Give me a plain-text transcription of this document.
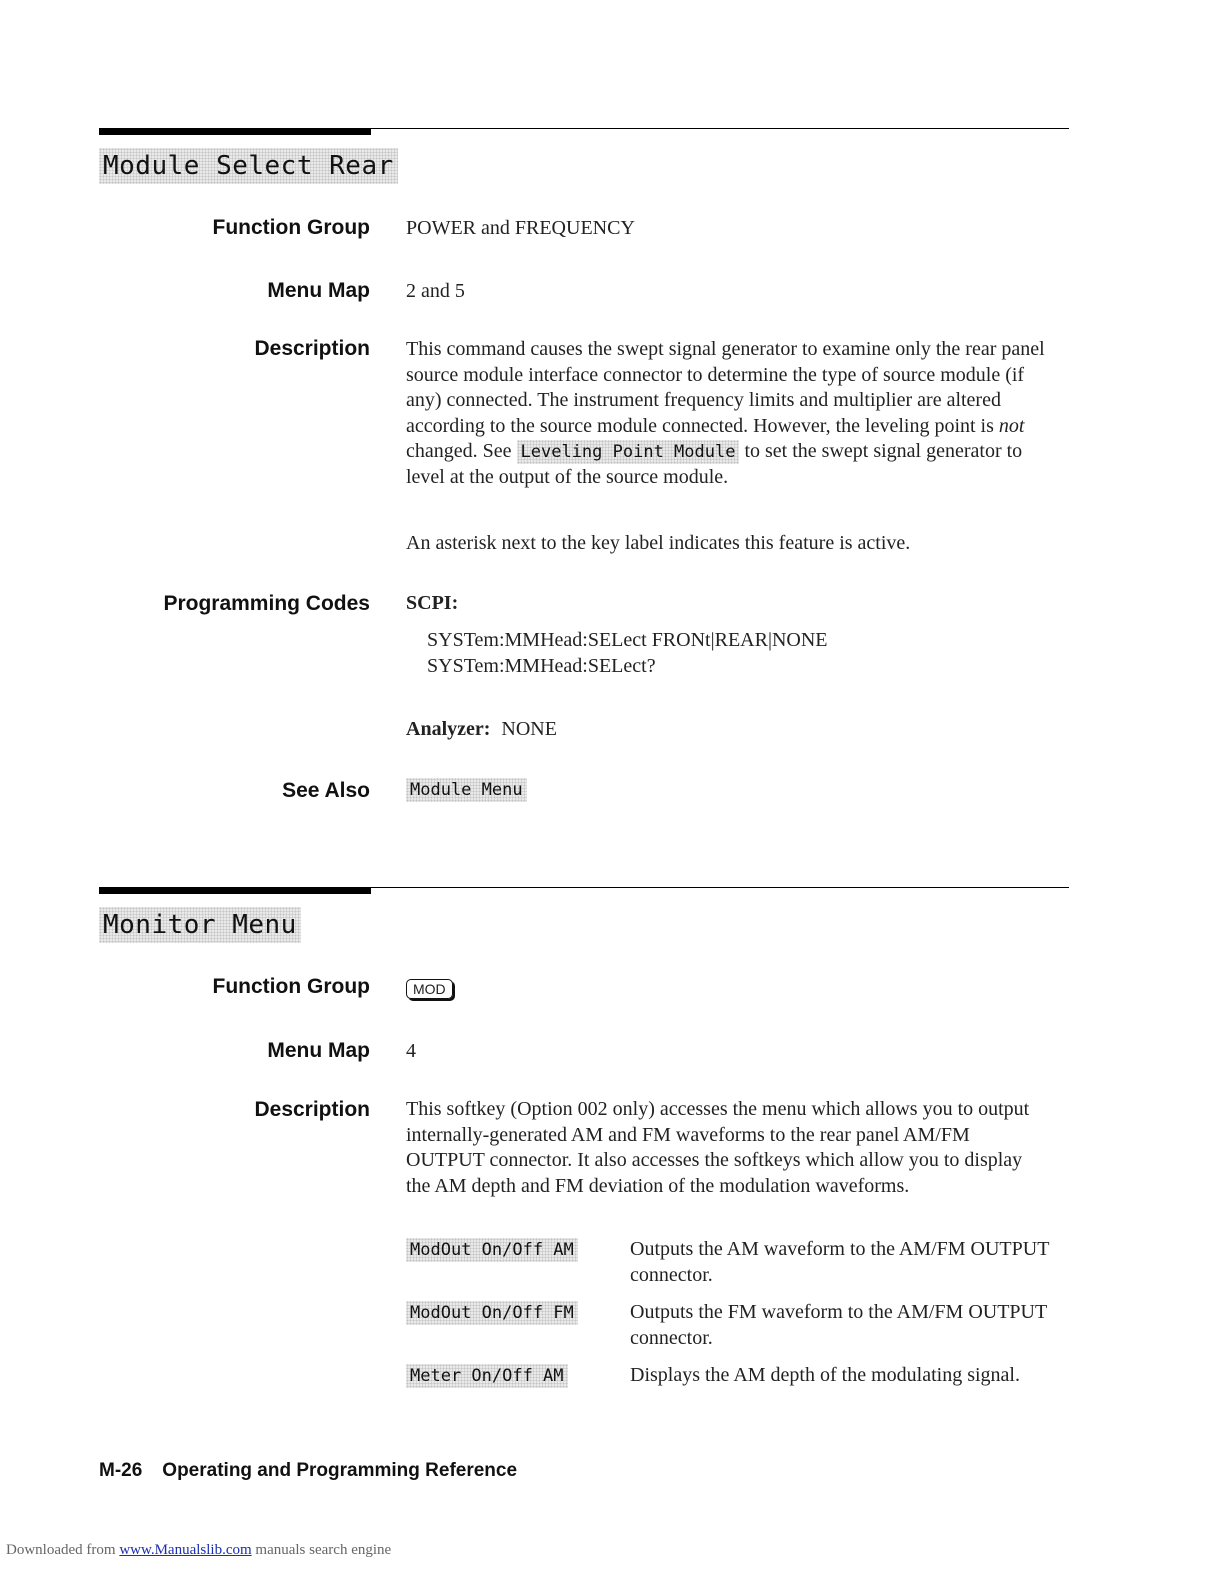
Module Select Rear
Function Group POWER and FREQUENCY
Menu Map 2 and 5
Description This command causes the swept signal generator to examine only the rear panel source module interface connector to determine the type of source module (if any) connected. The instrument frequency limits and multiplier are altered according to the source module connected. However, the leveling point is not changed. See Leveling Point Module to set the swept signal generator to level at the output of the source module.
An asterisk next to the key label indicates this feature is active.
Programming Codes SCPI:
SYSTem:MMHead:SELect FRONt|REAR|NONE
SYSTem:MMHead:SELect?
Analyzer: NONE
See Also Module Menu
Monitor Menu
Function Group	MOD
Menu Map 4
Description This softkey (Option 002 only) accesses the menu which allows you to output internally-generated AM and FM waveforms to the rear panel AM/FM OUTPUT connector. It also accesses the softkeys which allow you to display the AM depth and FM deviation of the modulation waveforms.
ModOut On/Off AM	Outputs the AM waveform to the AM/FM OUTPUT connector.
ModOut On/Off FM	Outputs the FM waveform to the AM/FM OUTPUT connector.
Meter On/Off AM	Displays the AM depth of the modulating signal.
M-26 Operating and Programming Reference
Downloaded from www.Manualslib.com manuals search engine
